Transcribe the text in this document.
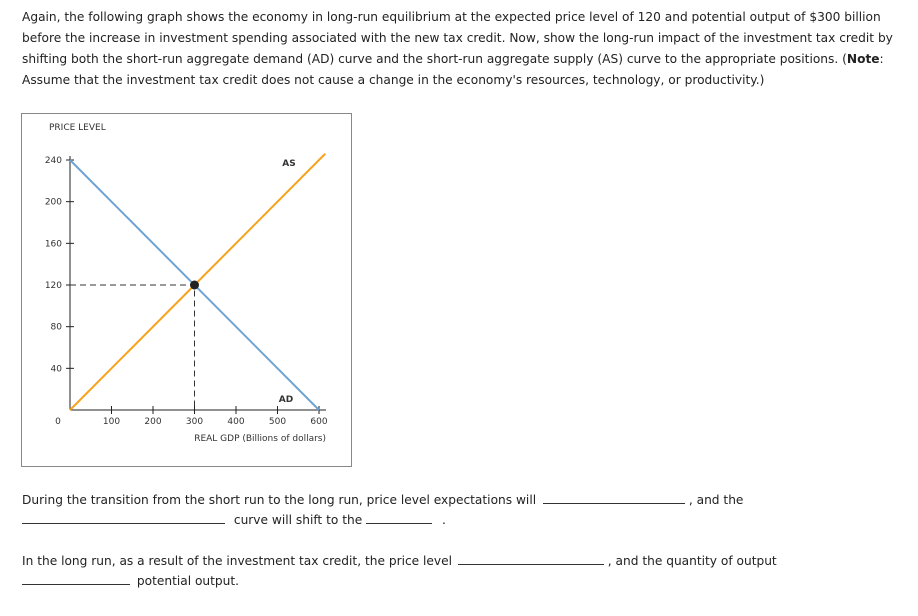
Again, the following graph shows the economy in long-run equilibrium at the expected price level of 120 and potential output of $300 billion before the increase in investment spending associated with the new tax credit. Now, show the long-run impact of the investment tax credit by shifting both the short-run aggregate demand (AD) curve and the short-run aggregate supply (AS) curve to the appropriate positions. (Note: Assume that the investment tax credit does not cause a change in the economy's resources, technology, or productivity.)
PRICE LEVEL
40
80
120
160
200
240
100	200	300	400	500	600
0
REAL GDP (Billions of dollars)
AS
AD
During the transition from the short run to the long run, price level expectations will	, and the
curve will shift to the	.
In the long run, as a result of the investment tax credit, the price level	, and the quantity of output
potential output.
